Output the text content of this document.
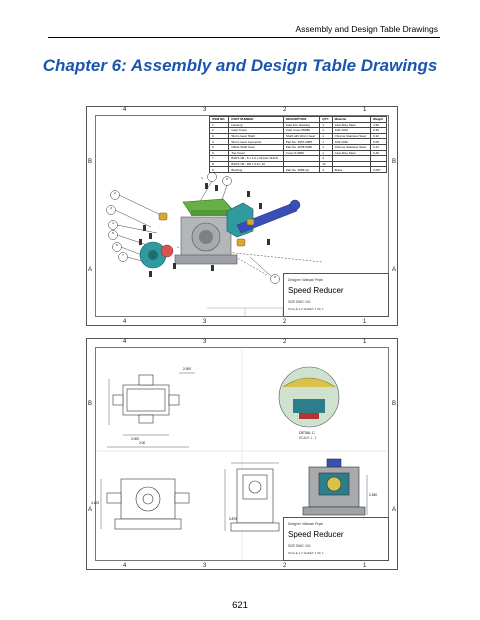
Assembly and Design Table Drawings
Chapter 6: Assembly and Design Table Drawings
4	3	2	1
4	3	2	1
B
A
B
A
ITEM NO.	PART NUMBER	DESCRIPTION	QTY.	Material	Weight
1	Housing	Cast Iron Housing	1	Cast Alloy Steel	4.52
2	Gear Cover	Cast Cover #0089	1	AISI 1020	0.35
3	Worm Gear Shaft	Shaft with Worm Gear	1	Chrome Stainless Steel	0.32
4	Worm Gear Connector	Part No. 4567-2985	1	AISI 1020	0.05
5	Offset Shaft Gear	Part No. 2078-5280	1	Chrome Stainless Steel	0.41
6	Top Cover	Cover # 0905	1	Cast Alloy Steel	0.46
7	B18.3.1M - 6 x 1.0 x 20 Hex SHCS		4		
8	B18.6.7M - M5 x 0.8 x 10		12		
9	Bushing	Part No. 3089-4A	4	Brass	0.087
1
2
3
4
5
6
7
8
9
Designer: Wabash Pepin
Speed Reducer
SIZE DWG. NO.
SCALE 1:2 SHEET 1 OF 1
4	3	2	1
4	3	2	1
B
A
B
A
2.000
2.000
2.00
4.125
0.875
2.180
DETAIL C
SCALE 1 : 1
Designer: Wabash Pepin
Speed Reducer
SIZE DWG. NO.
SCALE 1:2 SHEET 1 OF 1
621
